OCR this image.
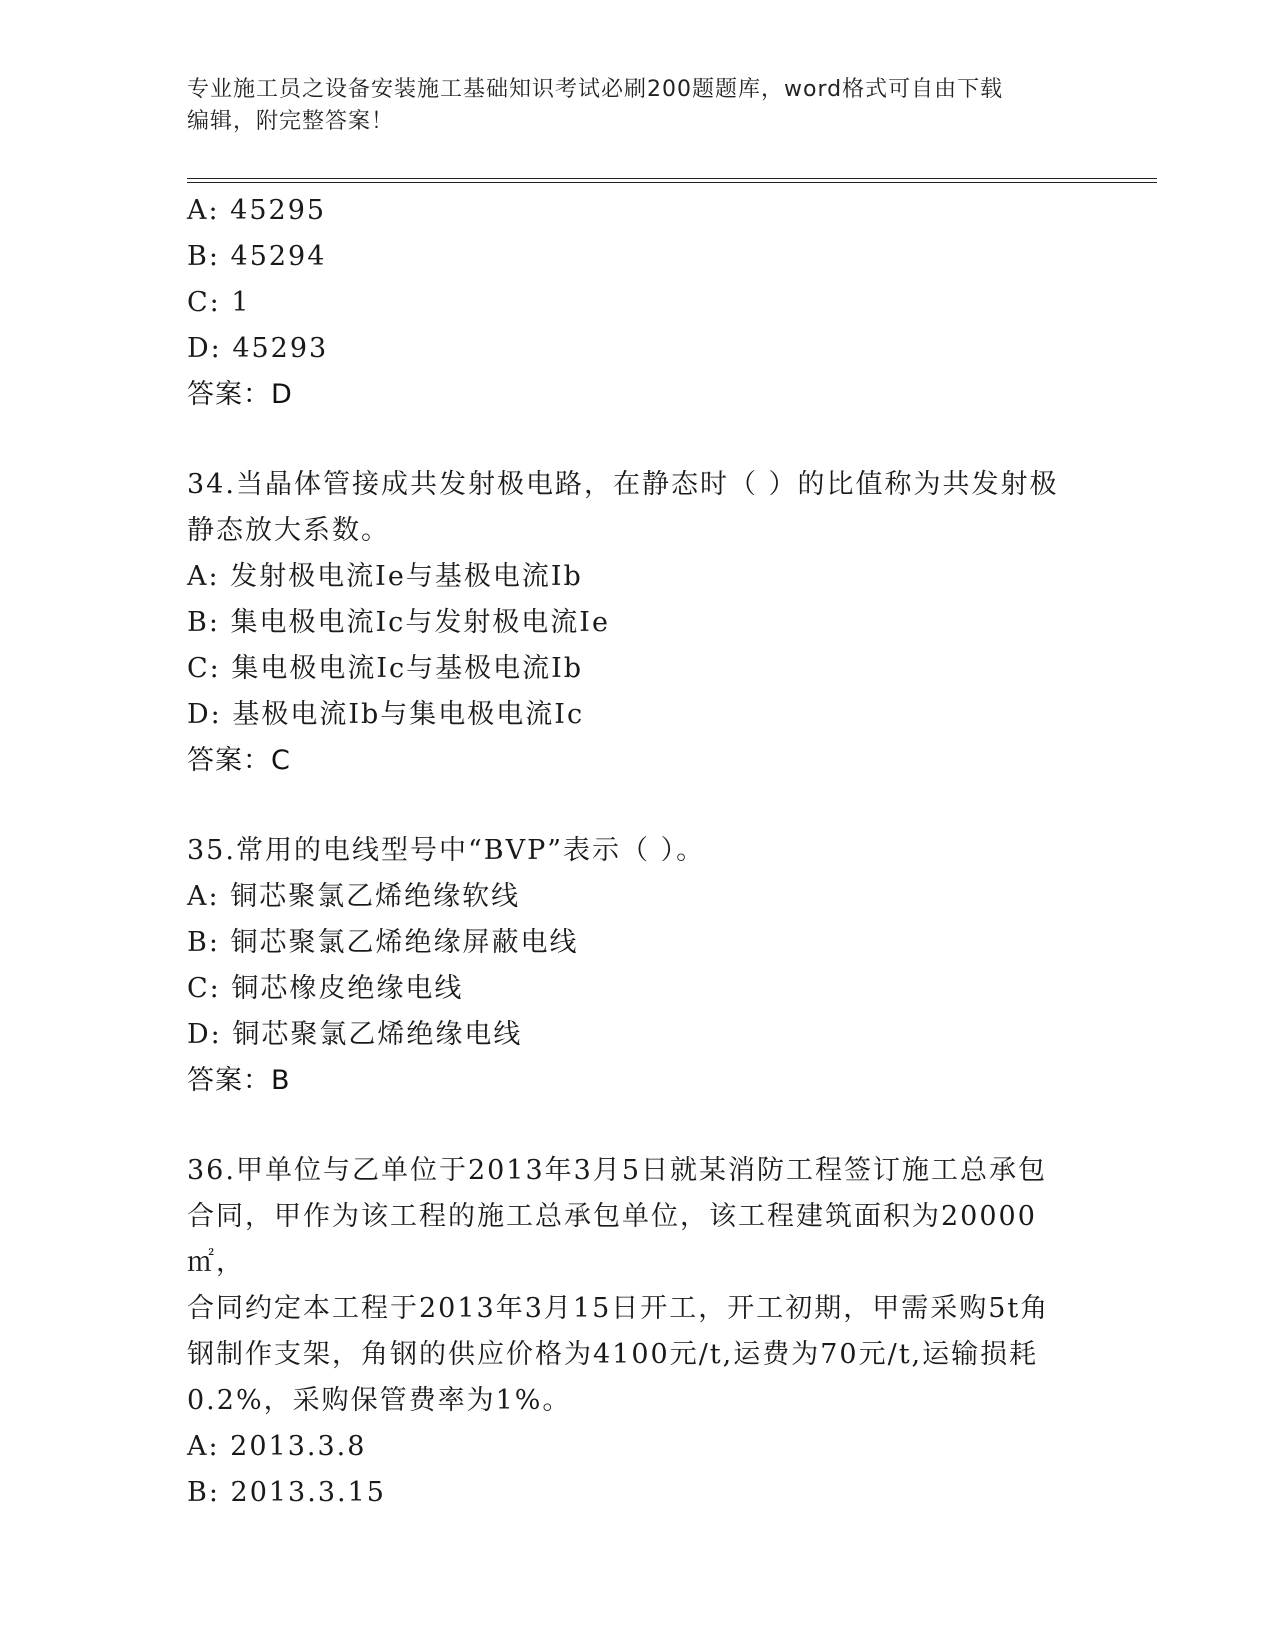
专业施工员之设备安装施工基础知识考试必刷200题题库，word格式可自由下载
编辑，附完整答案！
A: 45295
B: 45294
C: 1
D: 45293
答案：D
34.当晶体管接成共发射极电路，在静态时（ ）的比值称为共发射极
静态放大系数。
A: 发射极电流Ie与基极电流Ib
B: 集电极电流Ic与发射极电流Ie
C: 集电极电流Ic与基极电流Ib
D: 基极电流Ib与集电极电流Ic
答案：C
35.常用的电线型号中“BVP”表示（ ）。
A: 铜芯聚氯乙烯绝缘软线
B: 铜芯聚氯乙烯绝缘屏蔽电线
C: 铜芯橡皮绝缘电线
D: 铜芯聚氯乙烯绝缘电线
答案：B
36.甲单位与乙单位于2013年3月5日就某消防工程签订施工总承包
合同，甲作为该工程的施工总承包单位，该工程建筑面积为20000㎡，
合同约定本工程于2013年3月15日开工，开工初期，甲需采购5t角
钢制作支架，角钢的供应价格为4100元/t,运费为70元/t,运输损耗
0.2%，采购保管费率为1%。
A: 2013.3.8
B: 2013.3.15
